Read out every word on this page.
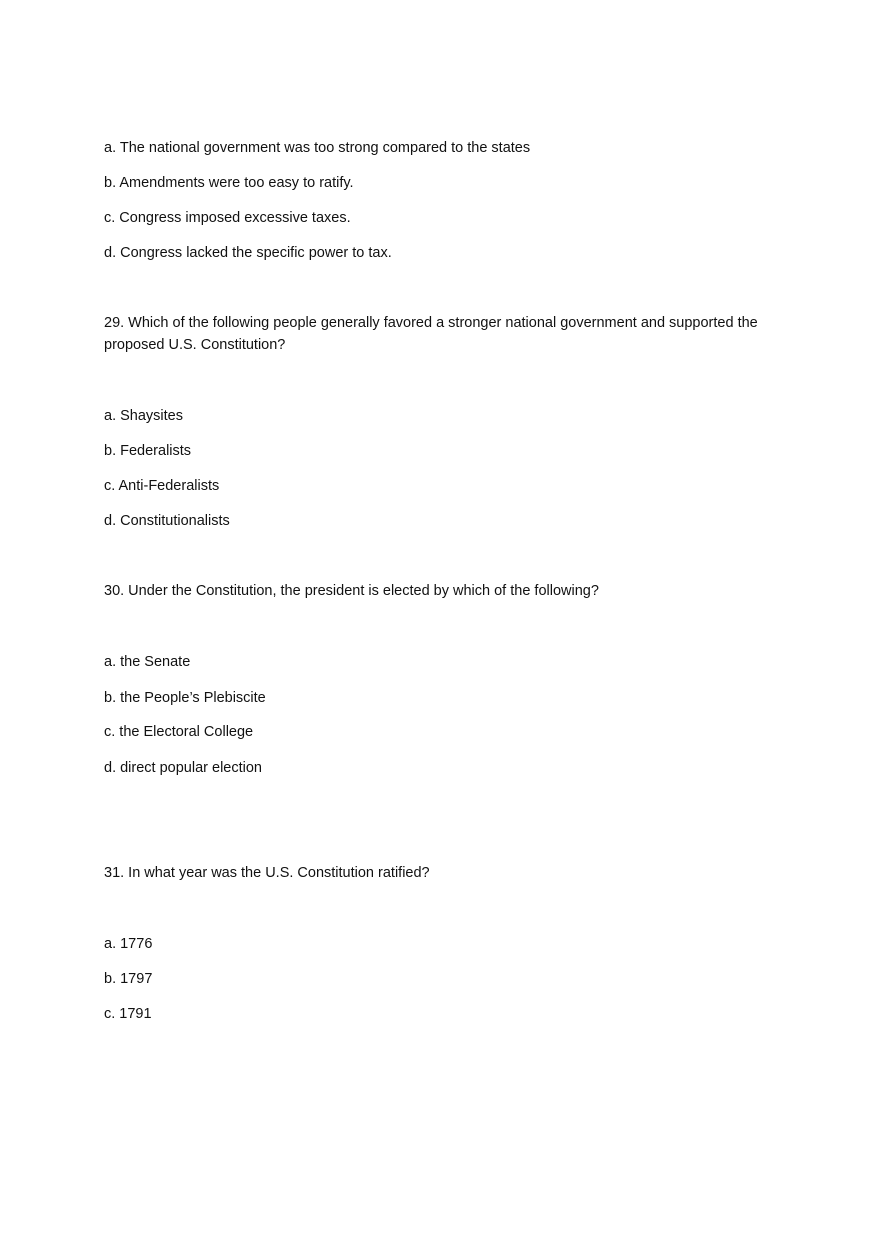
a. The national government was too strong compared to the states

b. Amendments were too easy to ratify.

c. Congress imposed excessive taxes.

d. Congress lacked the specific power to tax.

29. Which of the following people generally favored a stronger national government and supported the proposed U.S. Constitution?

a. Shaysites

b. Federalists

c. Anti-Federalists

d. Constitutionalists

30. Under the Constitution, the president is elected by which of the following?

a. the Senate

b. the People’s Plebiscite

c. the Electoral College

d. direct popular election

31. In what year was the U.S. Constitution ratified?

a. 1776

b. 1797

c. 1791
